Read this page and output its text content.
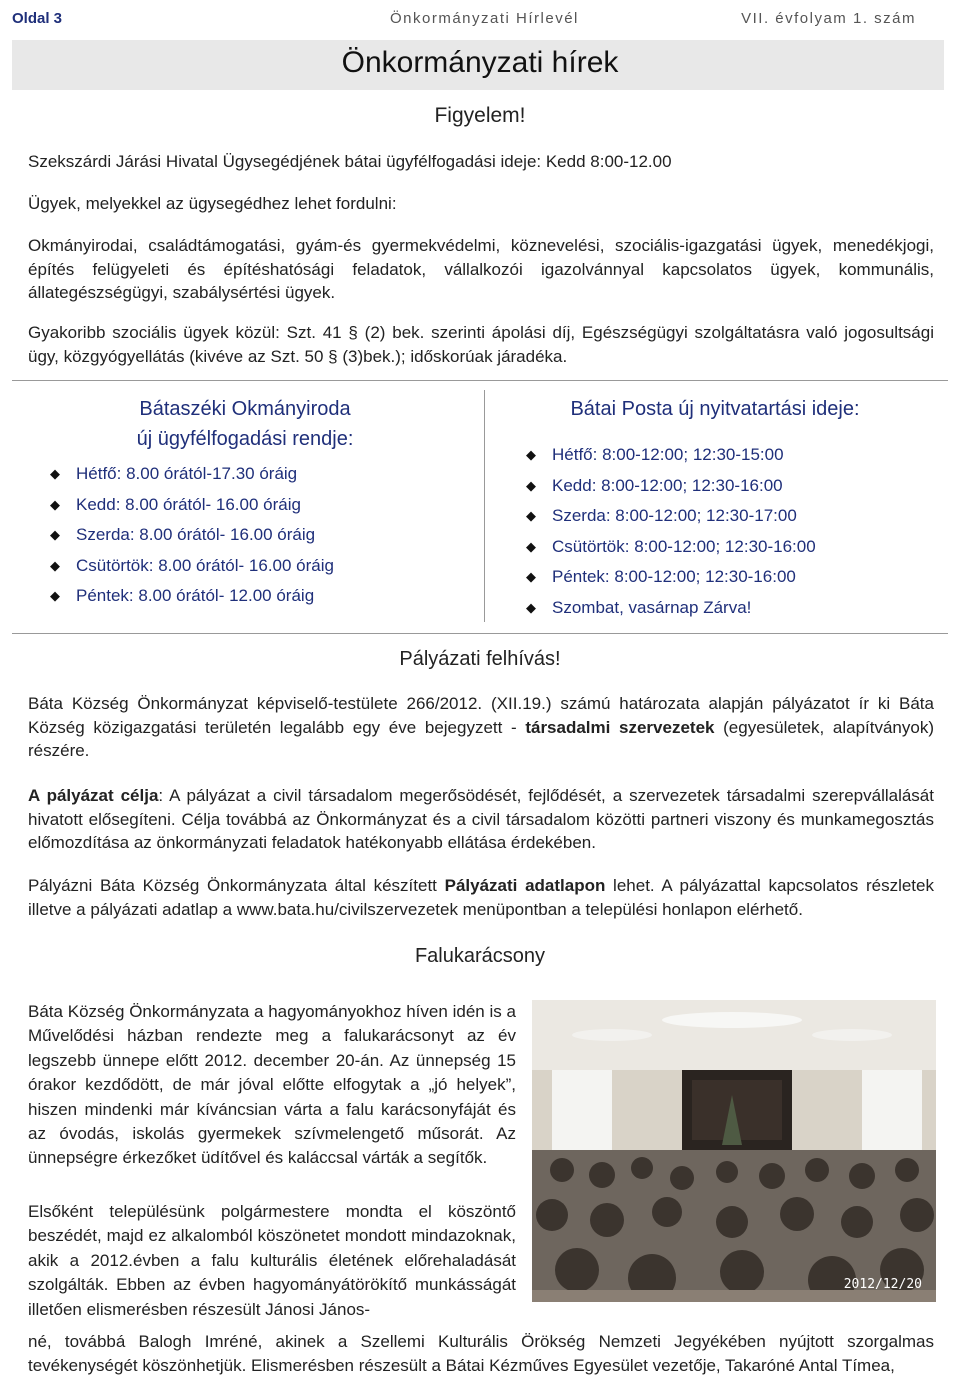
Oldal 3	Önkormányzati Hírlevél	VII. évfolyam 1. szám
Önkormányzati hírek
Figyelem!
Szekszárdi Járási Hivatal Ügysegédjének bátai ügyfélfogadási ideje: Kedd 8:00-12.00
Ügyek, melyekkel az ügysegédhez lehet fordulni:
Okmányirodai, családtámogatási, gyám-és gyermekvédelmi, köznevelési, szociális-igazgatási ügyek, menedékjogi, építés felügyeleti és építéshatósági feladatok, vállalkozói igazolvánnyal kapcsolatos ügyek, kommunális, állategészségügyi, szabálysértési ügyek.
Gyakoribb szociális ügyek közül: Szt. 41 § (2) bek. szerinti ápolási díj, Egészségügyi szolgáltatásra való jogosultsági ügy, közgyógyellátás (kivéve az Szt. 50 § (3)bek.); időskorúak járadéka.
Bátaszéki Okmányiroda
új ügyfélfogadási rendje:
◆ Hétfő: 8.00 órától-17.30 óráig
◆ Kedd: 8.00 órától- 16.00 óráig
◆ Szerda: 8.00 órától- 16.00 óráig
◆ Csütörtök: 8.00 órától- 16.00 óráig
◆ Péntek: 8.00 órától- 12.00 óráig
Bátai Posta új nyitvatartási ideje:
◆ Hétfő: 8:00-12:00; 12:30-15:00
◆ Kedd: 8:00-12:00; 12:30-16:00
◆ Szerda: 8:00-12:00; 12:30-17:00
◆ Csütörtök: 8:00-12:00; 12:30-16:00
◆ Péntek: 8:00-12:00; 12:30-16:00
◆ Szombat, vasárnap Zárva!
Pályázati felhívás!
Báta Község Önkormányzat képviselő-testülete 266/2012. (XII.19.) számú határozata alapján pályázatot ír ki Báta Község közigazgatási területén legalább egy éve bejegyzett - társadalmi szervezetek (egyesületek, alapítványok) részére.
A pályázat célja: A pályázat a civil társadalom megerősödését, fejlődését, a szervezetek társadalmi szerepvállalását hivatott elősegíteni. Célja továbbá az Önkormányzat és a civil társadalom közötti partneri viszony és munkamegosztás előmozdítása az önkormányzati feladatok hatékonyabb ellátása érdekében.
Pályázni Báta Község Önkormányzata által készített Pályázati adatlapon lehet. A pályázattal kapcsolatos részletek illetve a pályázati adatlap a www.bata.hu/civilszervezetek menüpontban a települési honlapon elérhető.
Falukarácsony
Báta Község Önkormányzata a hagyományokhoz híven idén is a Művelődési házban rendezte meg a falukarácsonyt az év legszebb ünnepe előtt 2012. december 20-án. Az ünnepség 15 órakor kezdődött, de már jóval előtte elfogytak a „jó helyek”, hiszen mindenki már kíváncsian várta a falu karácsonyfáját és az óvodás, iskolás gyermekek szívmelengető műsorát. Az ünnepségre érkezőket üdítővel és kaláccsal várták a segítők.
Elsőként településünk polgármestere mondta el köszöntő beszédét, majd ez alkalomból köszönetet mondott mindazoknak, akik a 2012.évben a falu kulturális életének előrehaladását szolgálták. Ebben az évben hagyományátörökítő munkásságát illetően elismerésben részesült Jánosi János-
né, továbbá Balogh Imréné, akinek a Szellemi Kulturális Örökség Nemzeti Jegyékében nyújtott szorgalmas tevékenységét köszönhetjük. Elismerésben részesült a Bátai Kézműves Egyesület vezetője, Takaróné Antal Tímea,
2012/12/20
